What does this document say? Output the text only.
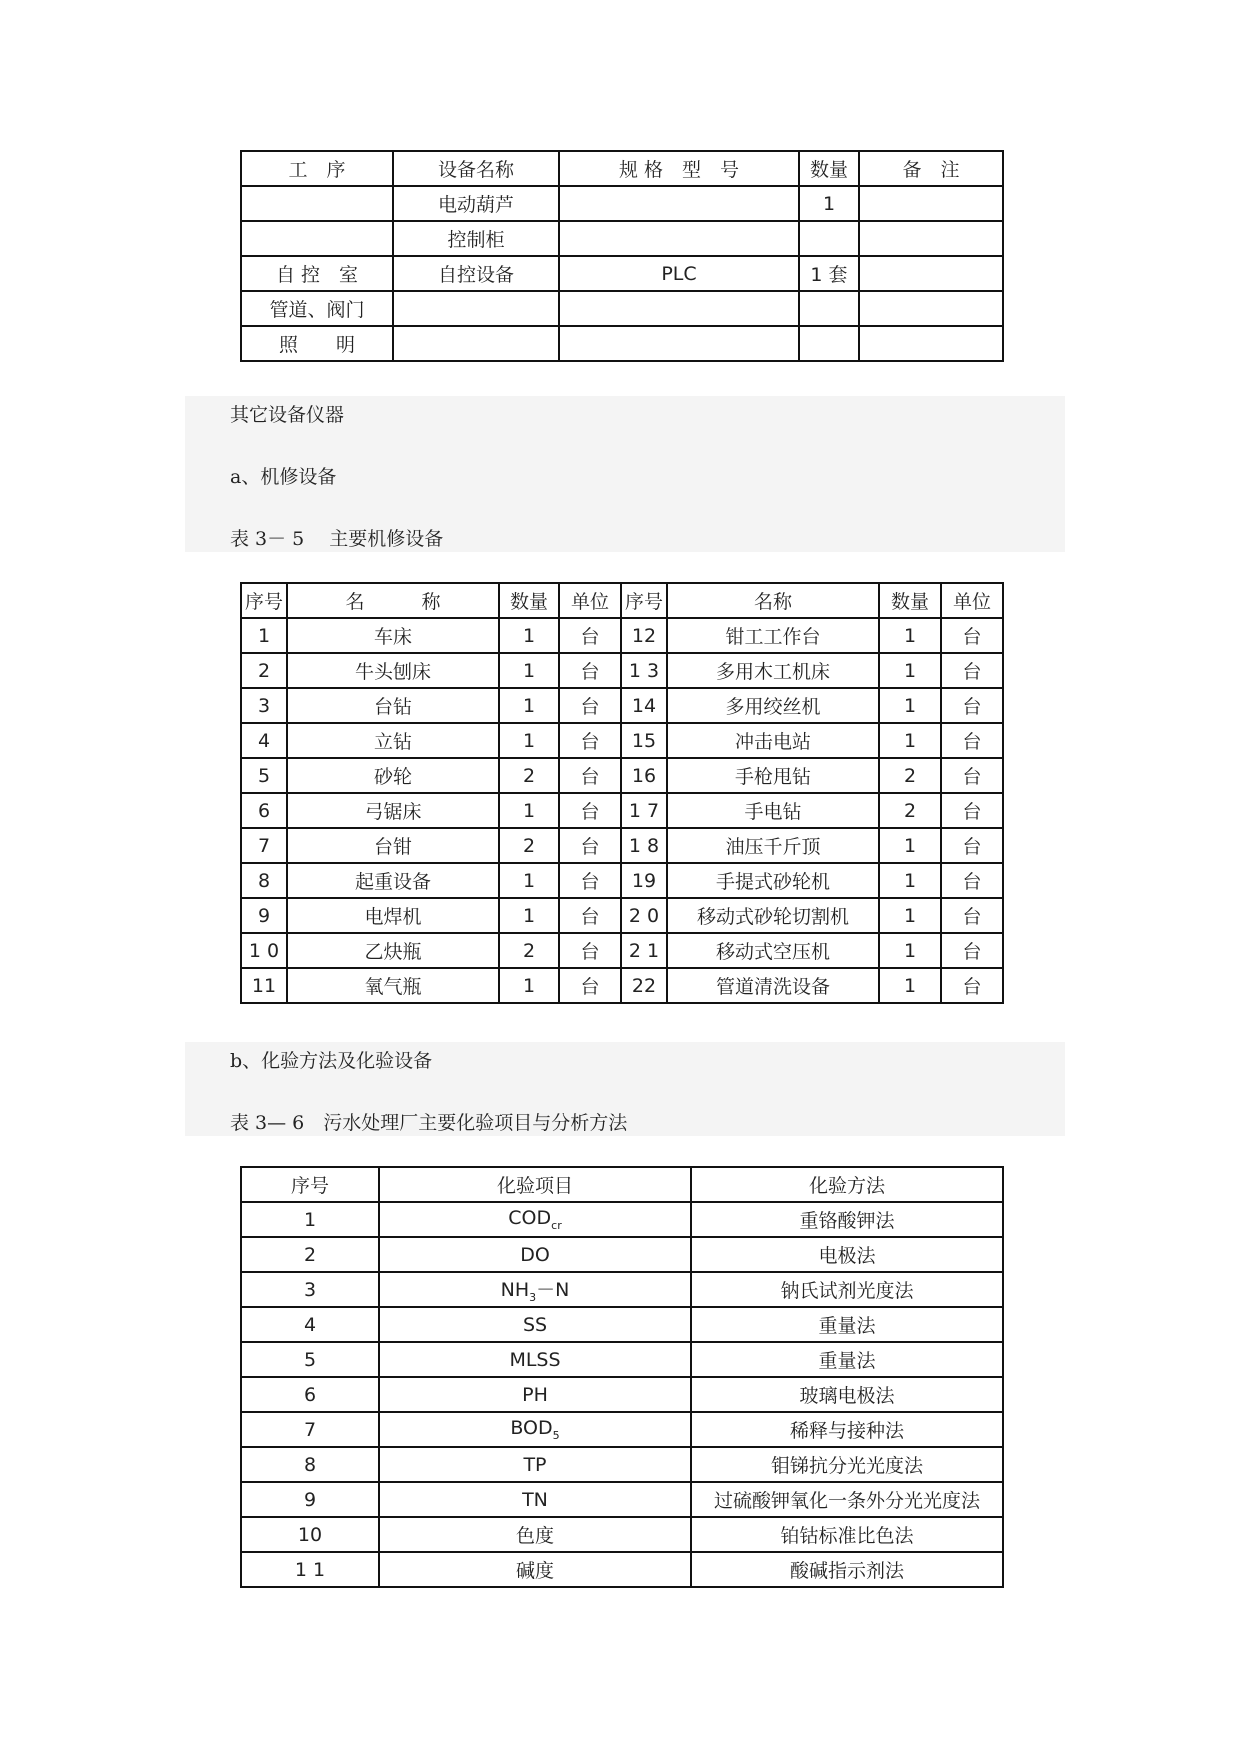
工　序	设备名称	规 格　型　号	数量	备　注
	电动葫芦		1	
	控制柜			
自 控　室	自控设备	PLC	1 套	
管道、阀门				
照　　明				
其它设备仪器
a、机修设备
表 3－ 5　 主要机修设备
序号	名　　　称	数量	单位	序号	名称	数量	单位
1	车床	1	台	12	钳工工作台	1	台
2	牛头刨床	1	台	1 3	多用木工机床	1	台
3	台钻	1	台	14	多用绞丝机	1	台
4	立钻	1	台	15	冲击电站	1	台
5	砂轮	2	台	16	手枪甩钻	2	台
6	弓锯床	1	台	1 7	手电钻	2	台
7	台钳	2	台	1 8	油压千斤顶	1	台
8	起重设备	1	台	19	手提式砂轮机	1	台
9	电焊机	1	台	2 0	移动式砂轮切割机	1	台
1 0	乙炔瓶	2	台	2 1	移动式空压机	1	台
11	氧气瓶	1	台	22	管道清洗设备	1	台
b、化验方法及化验设备
表 3— 6　污水处理厂主要化验项目与分析方法
序号	化验项目	化验方法
1	$COD_{cr}$	重铬酸钾法
2	DO	电极法
3	$NH_3-N$	钠氏试剂光度法
4	SS	重量法
5	MLSS	重量法
6	PH	玻璃电极法
7	$BOD_5$	稀释与接种法
8	TP	钼锑抗分光光度法
9	TN	过硫酸钾氧化一条外分光光度法
10	色度	铂钴标准比色法
1 1	碱度	酸碱指示剂法
